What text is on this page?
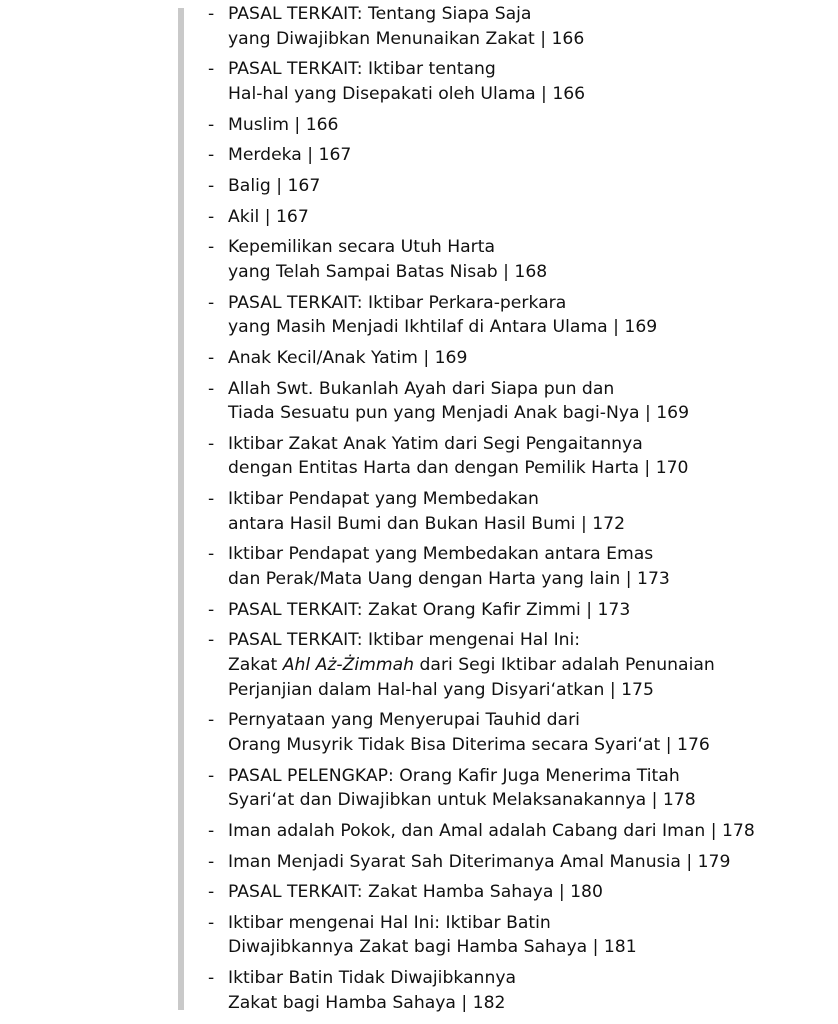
- PASAL TERKAIT: Tentang Siapa Saja
yang Diwajibkan Menunaikan Zakat | 166
- PASAL TERKAIT: Iktibar tentang
Hal-hal yang Disepakati oleh Ulama | 166
- Muslim | 166
- Merdeka | 167
- Balig | 167
- Akil | 167
- Kepemilikan secara Utuh Harta
yang Telah Sampai Batas Nisab | 168
- PASAL TERKAIT: Iktibar Perkara-perkara
yang Masih Menjadi Ikhtilaf di Antara Ulama | 169
- Anak Kecil/Anak Yatim | 169
- Allah Swt. Bukanlah Ayah dari Siapa pun dan
Tiada Sesuatu pun yang Menjadi Anak bagi-Nya | 169
- Iktibar Zakat Anak Yatim dari Segi Pengaitannya
dengan Entitas Harta dan dengan Pemilik Harta | 170
- Iktibar Pendapat yang Membedakan
antara Hasil Bumi dan Bukan Hasil Bumi | 172
- Iktibar Pendapat yang Membedakan antara Emas
dan Perak/Mata Uang dengan Harta yang lain | 173
- PASAL TERKAIT: Zakat Orang Kafir Zimmi | 173
- PASAL TERKAIT: Iktibar mengenai Hal Ini:
Zakat Ahl Aż-Żimmah dari Segi Iktibar adalah Penunaian
Perjanjian dalam Hal-hal yang Disyari‘atkan | 175
- Pernyataan yang Menyerupai Tauhid dari
Orang Musyrik Tidak Bisa Diterima secara Syari‘at | 176
- PASAL PELENGKAP: Orang Kafir Juga Menerima Titah
Syari‘at dan Diwajibkan untuk Melaksanakannya | 178
- Iman adalah Pokok, dan Amal adalah Cabang dari Iman | 178
- Iman Menjadi Syarat Sah Diterimanya Amal Manusia | 179
- PASAL TERKAIT: Zakat Hamba Sahaya | 180
- Iktibar mengenai Hal Ini: Iktibar Batin
Diwajibkannya Zakat bagi Hamba Sahaya | 181
- Iktibar Batin Tidak Diwajibkannya
Zakat bagi Hamba Sahaya | 182
